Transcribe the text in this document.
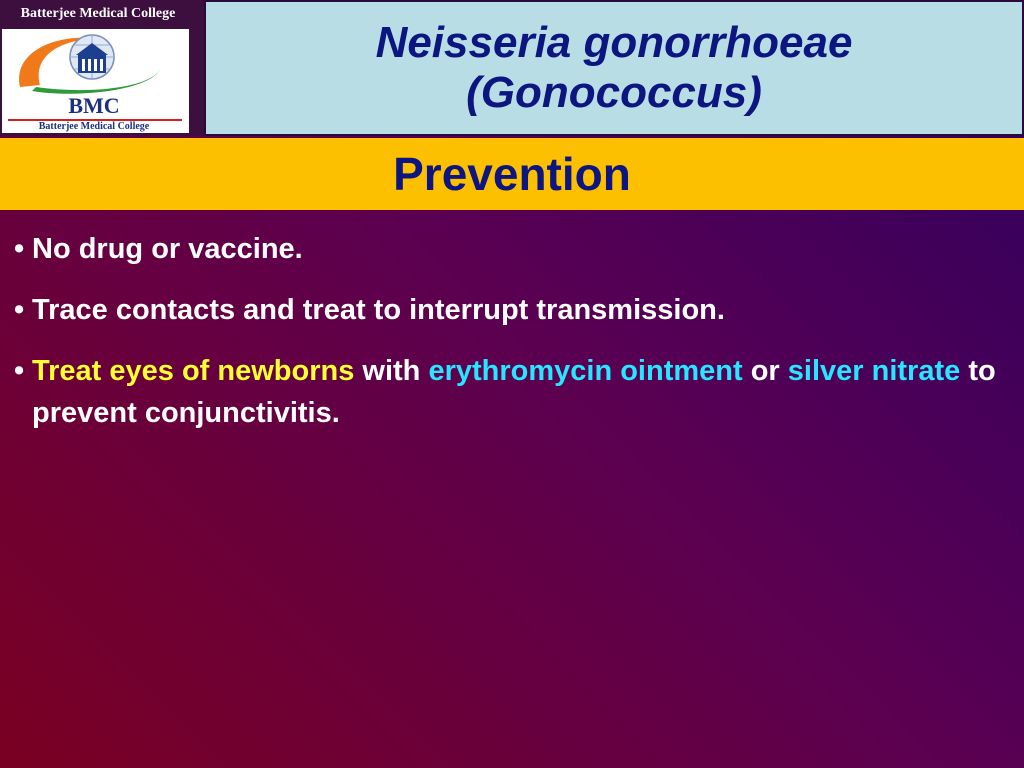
Batterjee Medical College
BMC
Batterjee Medical College
Neisseria gonorrhoeae
(Gonococcus)
Prevention
• No drug or vaccine.
• Trace contacts and treat to interrupt transmission.
• Treat eyes of newborns with erythromycin ointment or silver nitrate to prevent conjunctivitis.
